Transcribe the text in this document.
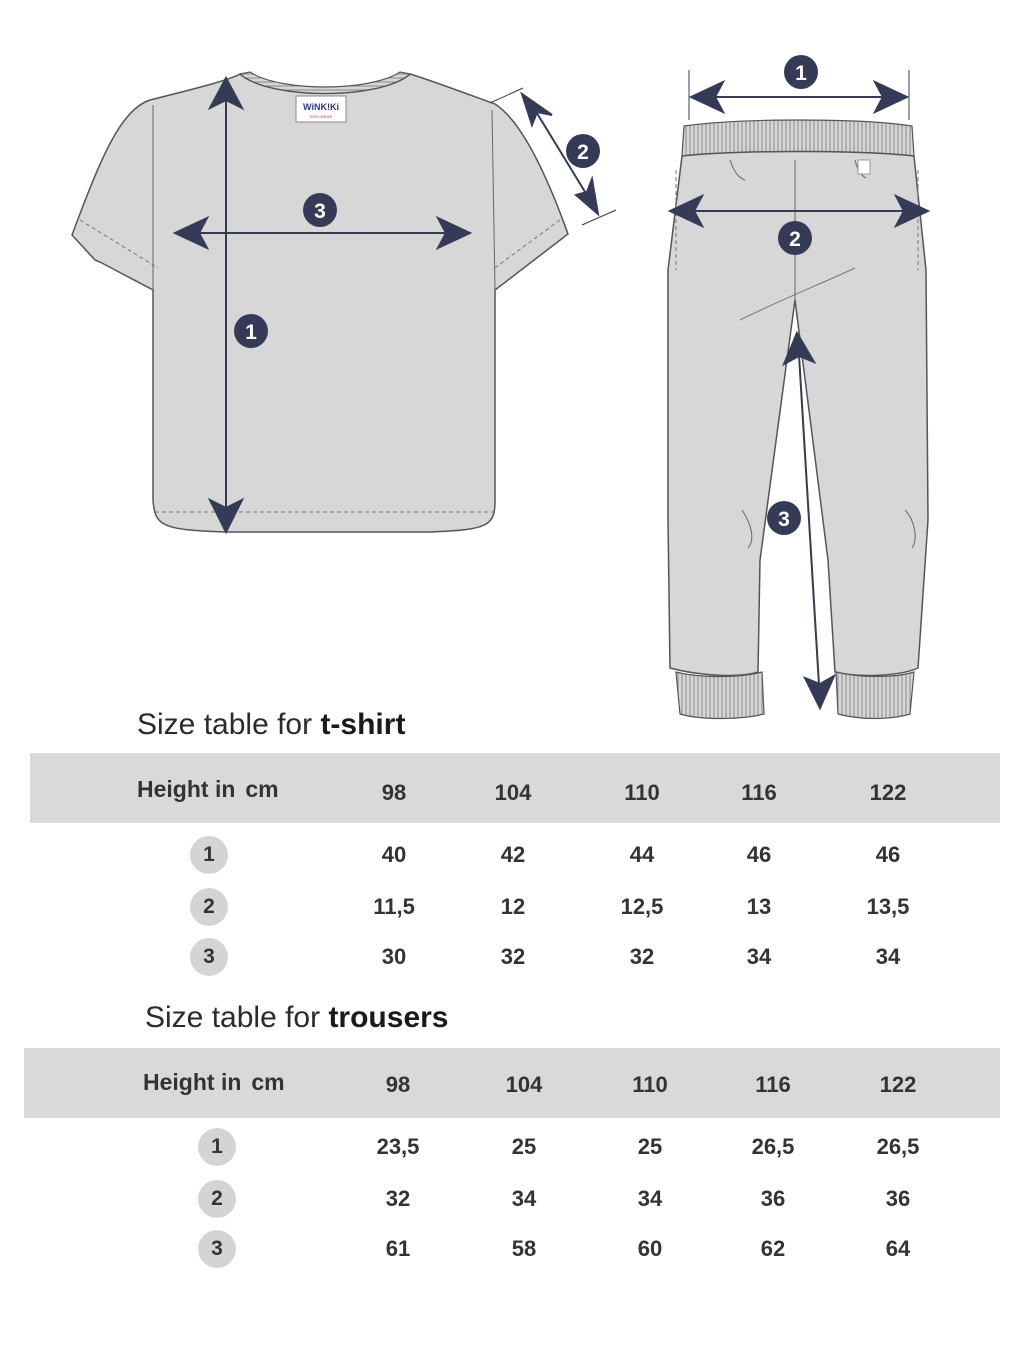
WiNK!Ki
KIDS WEAR
1
2
3
1
2
3
Size table for t-shirt
Height in cm	98	104	110	116	122
1	40	42	44	46	46
2	11,5	12	12,5	13	13,5
3	30	32	32	34	34
Size table for trousers
Height in cm	98	104	110	116	122
1	23,5	25	25	26,5	26,5
2	32	34	34	36	36
3	61	58	60	62	64
